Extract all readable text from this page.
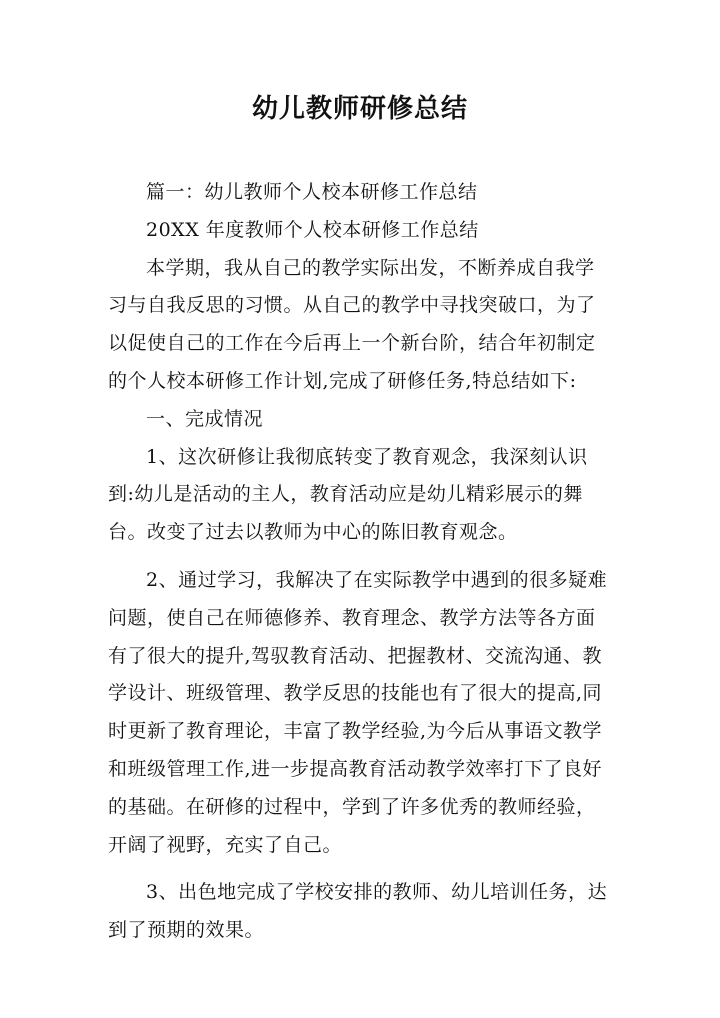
幼儿教师研修总结

篇一：幼儿教师个人校本研修工作总结

20XX 年度教师个人校本研修工作总结

本学期，我从自己的教学实际出发，不断养成自我学习与自我反思的习惯。从自己的教学中寻找突破口，为了以促使自己的工作在今后再上一个新台阶，结合年初制定的个人校本研修工作计划,完成了研修任务,特总结如下:

一、完成情况

1、这次研修让我彻底转变了教育观念，我深刻认识到:幼儿是活动的主人，教育活动应是幼儿精彩展示的舞台。改变了过去以教师为中心的陈旧教育观念。

2、通过学习，我解决了在实际教学中遇到的很多疑难问题，使自己在师德修养、教育理念、教学方法等各方面有了很大的提升,驾驭教育活动、把握教材、交流沟通、教学设计、班级管理、教学反思的技能也有了很大的提高,同时更新了教育理论，丰富了教学经验,为今后从事语文教学和班级管理工作,进一步提高教育活动教学效率打下了良好的基础。在研修的过程中，学到了许多优秀的教师经验，开阔了视野，充实了自己。

3、出色地完成了学校安排的教师、幼儿培训任务，达到了预期的效果。
